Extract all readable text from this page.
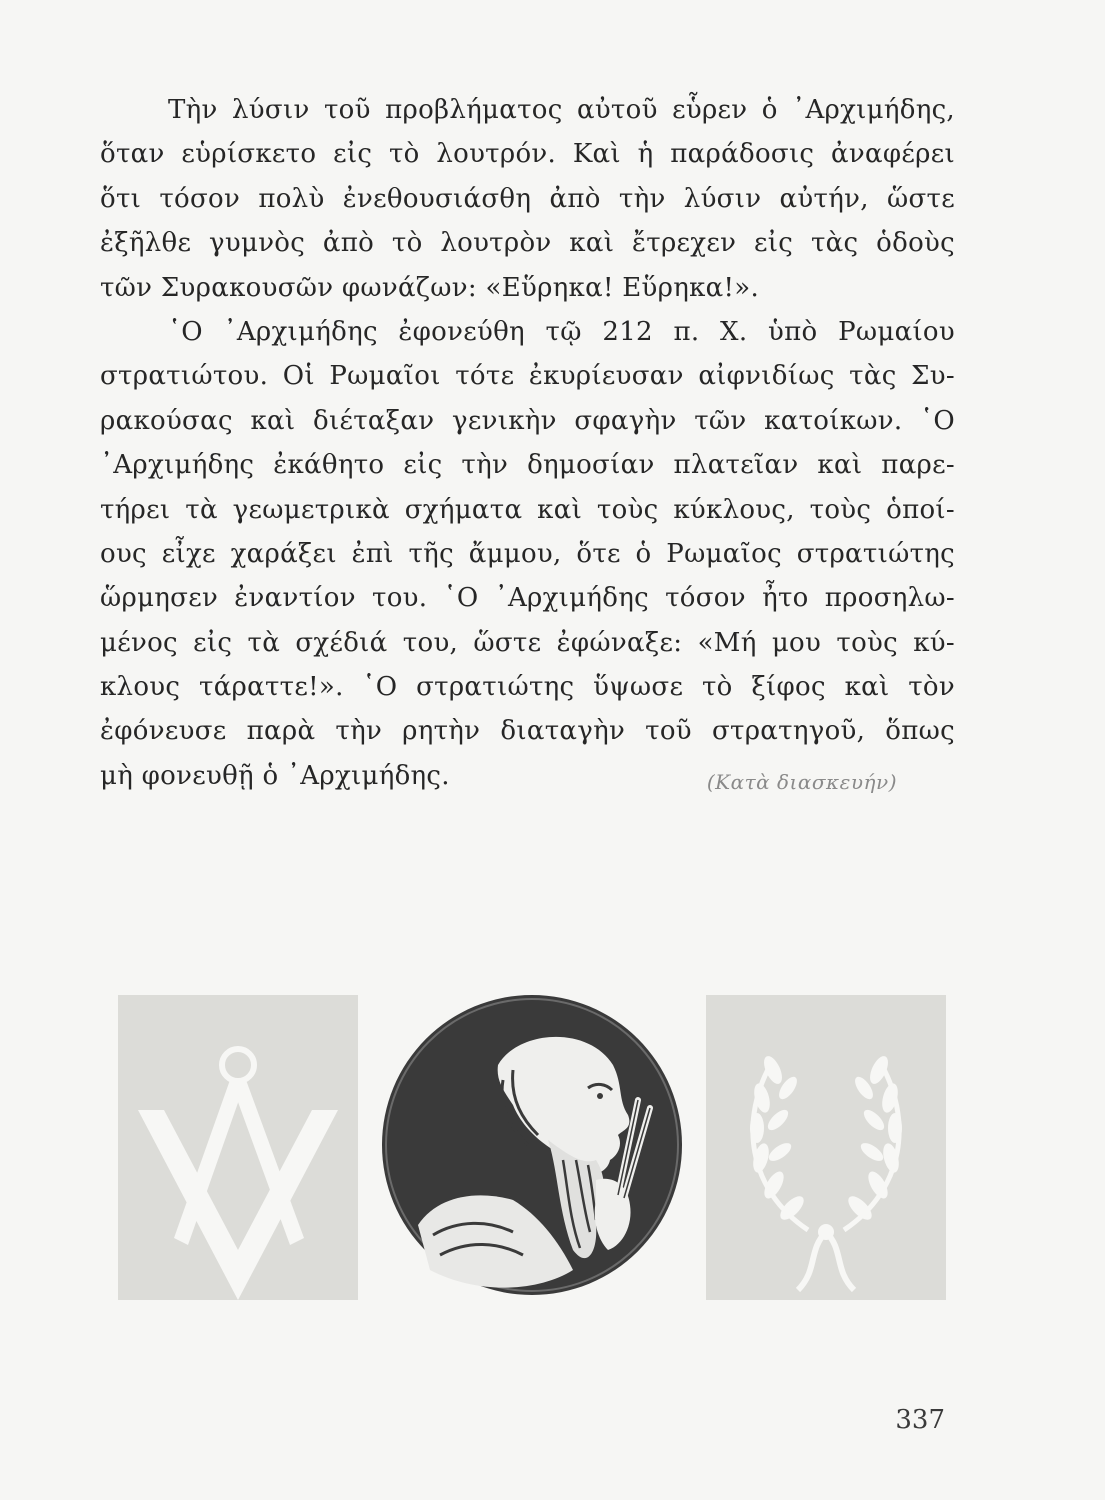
Τὴν λύσιν τοῦ προβλήματος αὐτοῦ εὗρεν ὁ ᾿Αρχιμήδης,
ὅταν εὑρίσκετο εἰς τὸ λουτρόν. Καὶ ἡ παράδοσις ἀναφέρει
ὅτι τόσον πολὺ ἐνεθουσιάσθη ἀπὸ τὴν λύσιν αὐτήν, ὥστε
ἐξῆλθε γυμνὸς ἀπὸ τὸ λουτρὸν καὶ ἔτρεχεν εἰς τὰς ὁδοὺς
τῶν Συρακουσῶν φωνάζων: «Εὕρηκα! Εὕρηκα!».
῾Ο ᾿Αρχιμήδης ἐφονεύθη τῷ 212 π. Χ. ὑπὸ Ρωμαίου
στρατιώτου. Οἱ Ρωμαῖοι τότε ἐκυρίευσαν αἰφνιδίως τὰς Συ-
ρακούσας καὶ διέταξαν γενικὴν σφαγὴν τῶν κατοίκων. ῾Ο
᾿Αρχιμήδης ἐκάθητο εἰς τὴν δημοσίαν πλατεῖαν καὶ παρε-
τήρει τὰ γεωμετρικὰ σχήματα καὶ τοὺς κύκλους, τοὺς ὁποί-
ους εἶχε χαράξει ἐπὶ τῆς ἄμμου, ὅτε ὁ Ρωμαῖος στρατιώτης
ὥρμησεν ἐναντίον του. ῾Ο ᾿Αρχιμήδης τόσον ἦτο προσηλω-
μένος εἰς τὰ σχέδιά του, ὥστε ἐφώναξε: «Μή μου τοὺς κύ-
κλους τάραττε!». ῾Ο στρατιώτης ὕψωσε τὸ ξίφος καὶ τὸν
ἐφόνευσε παρὰ τὴν ρητὴν διαταγὴν τοῦ στρατηγοῦ, ὅπως
μὴ φονευθῇ ὁ ᾿Αρχιμήδης.	(Κατὰ διασκευήν)
337
